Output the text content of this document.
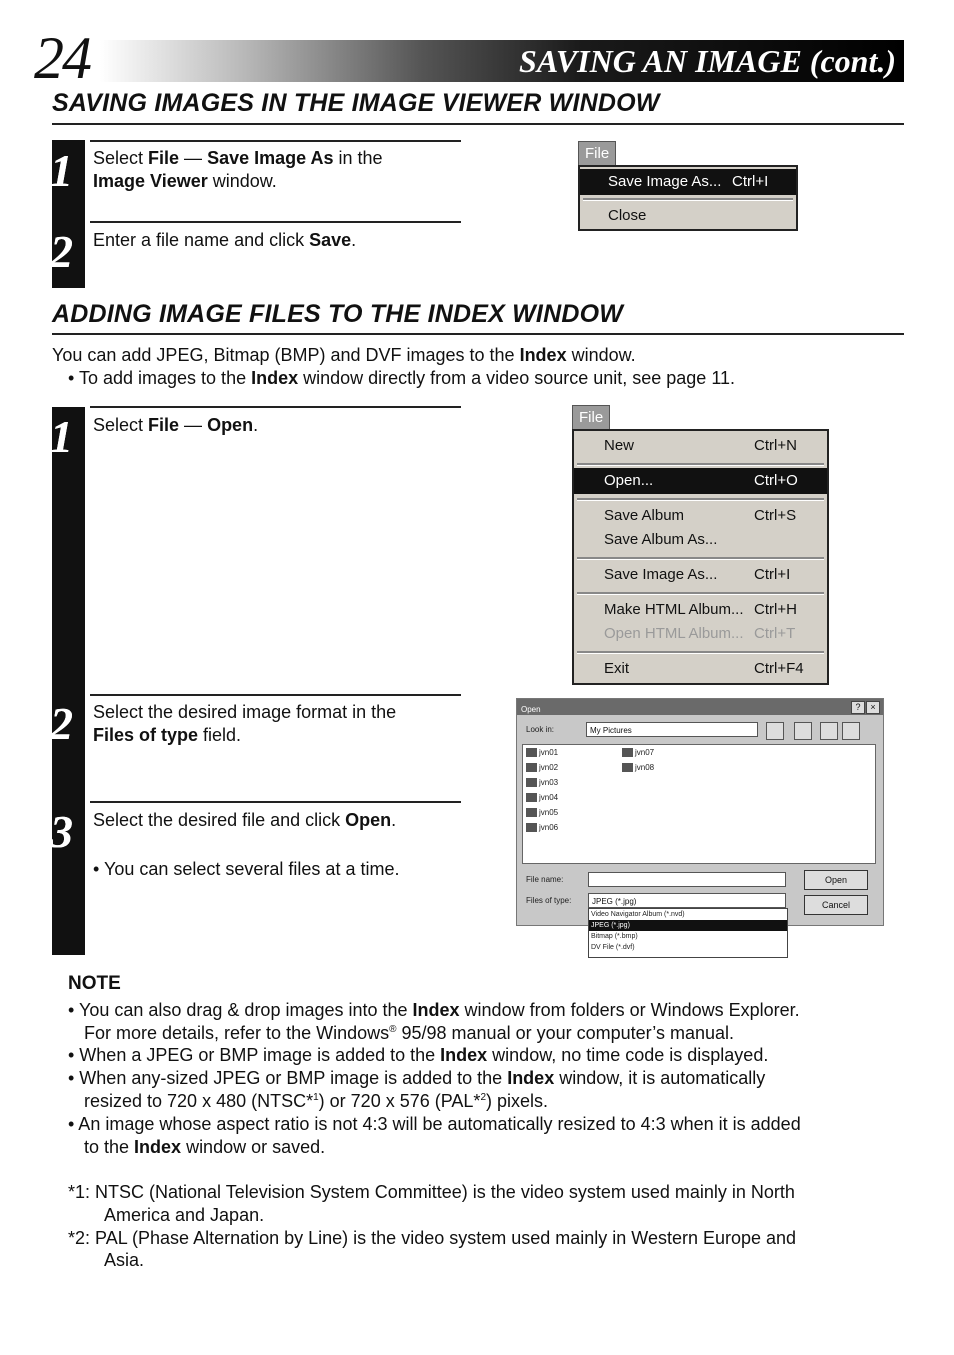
24	SAVING AN IMAGE (cont.)
SAVING IMAGES IN THE IMAGE VIEWER WINDOW
1	Select File — Save Image As in the
Image Viewer window.
2	Enter a file name and click Save.
File
Save Image As... Ctrl+I
Close
ADDING IMAGE FILES TO THE INDEX WINDOW
You can add JPEG, Bitmap (BMP) and DVF images to the Index window.
• To add images to the Index window directly from a video source unit, see page 11.
1	Select File — Open.
2	Select the desired image format in the
Files of type field.
3	Select the desired file and click Open.
• You can select several files at a time.
File
New	Ctrl+N
Open...	Ctrl+O
Save Album	Ctrl+S
Save Album As...
Save Image As... Ctrl+I
Make HTML Album... Ctrl+H
Open HTML Album... Ctrl+T
Exit	Ctrl+F4
Open	?	×
Look in:	My Pictures
jvn01
jvn02
jvn03
jvn04
jvn05
jvn06
jvn07
jvn08
File name:
Files of type:	JPEG (*.jpg)
Open
Cancel
Video Navigator Album (*.nvd)
JPEG (*.jpg)
Bitmap (*.bmp)
DV File (*.dvf)
NOTE
• You can also drag & drop images into the Index window from folders or Windows Explorer.
For more details, refer to the Windows® 95/98 manual or your computer’s manual.
• When a JPEG or BMP image is added to the Index window, no time code is displayed.
• When any-sized JPEG or BMP image is added to the Index window, it is automatically
resized to 720 x 480 (NTSC*$^1$) or 720 x 576 (PAL*$^2$) pixels.
• An image whose aspect ratio is not 4:3 will be automatically resized to 4:3 when it is added
to the Index window or saved.
*1: NTSC (National Television System Committee) is the video system used mainly in North
America and Japan.
*2: PAL (Phase Alternation by Line) is the video system used mainly in Western Europe and
Asia.
